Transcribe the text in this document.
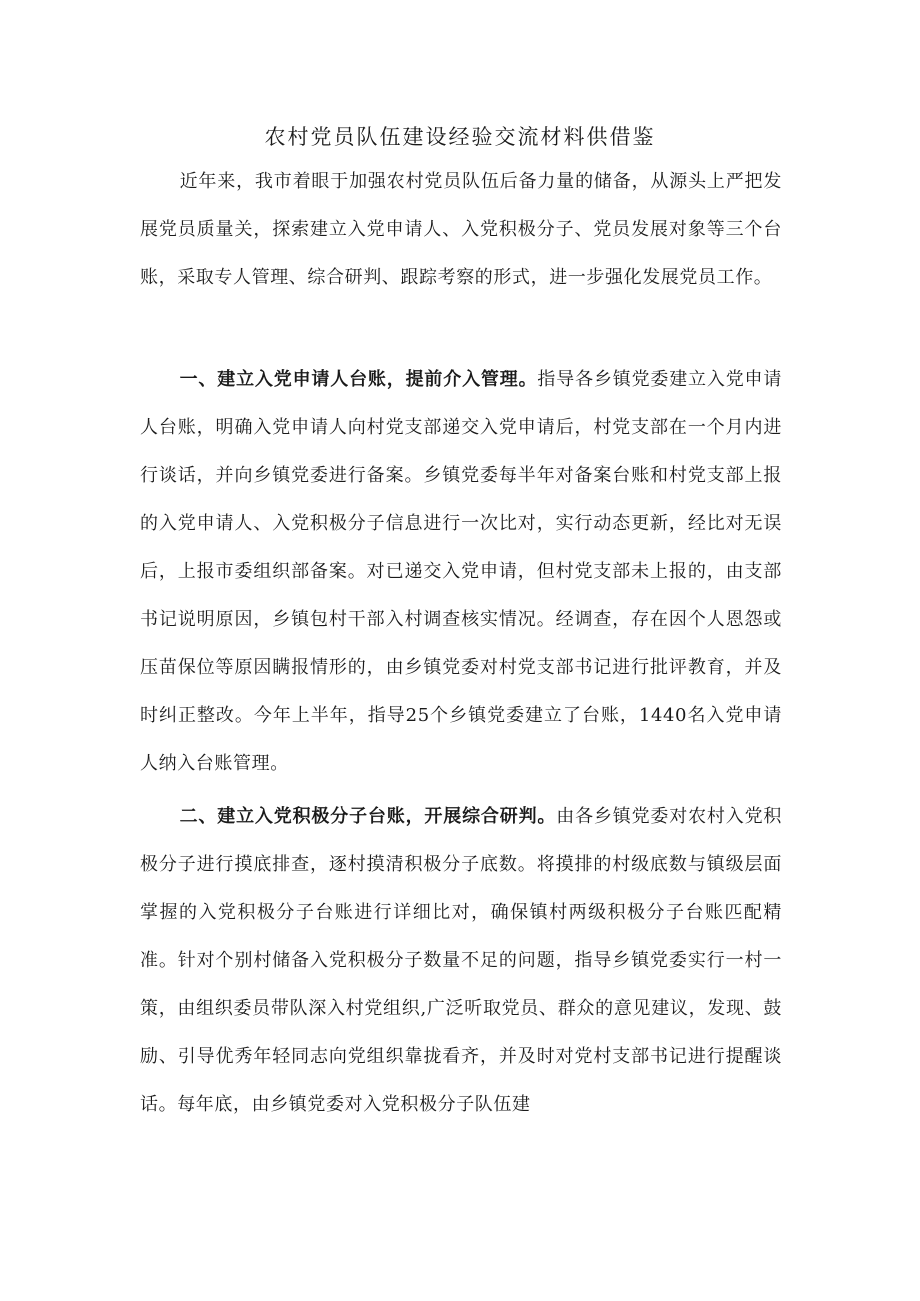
农村党员队伍建设经验交流材料供借鉴

近年来，我市着眼于加强农村党员队伍后备力量的储备，从源头上严把发展党员质量关，探索建立入党申请人、入党积极分子、党员发展对象等三个台账，采取专人管理、综合研判、跟踪考察的形式，进一步强化发展党员工作。

一、建立入党申请人台账，提前介入管理。指导各乡镇党委建立入党申请人台账，明确入党申请人向村党支部递交入党申请后，村党支部在一个月内进行谈话，并向乡镇党委进行备案。乡镇党委每半年对备案台账和村党支部上报的入党申请人、入党积极分子信息进行一次比对，实行动态更新，经比对无误后，上报市委组织部备案。对已递交入党申请，但村党支部未上报的，由支部书记说明原因，乡镇包村干部入村调查核实情况。经调查，存在因个人恩怨或压苗保位等原因瞒报情形的，由乡镇党委对村党支部书记进行批评教育，并及时纠正整改。今年上半年，指导25个乡镇党委建立了台账，1440名入党申请人纳入台账管理。

二、建立入党积极分子台账，开展综合研判。由各乡镇党委对农村入党积极分子进行摸底排查，逐村摸清积极分子底数。将摸排的村级底数与镇级层面掌握的入党积极分子台账进行详细比对，确保镇村两级积极分子台账匹配精准。针对个别村储备入党积极分子数量不足的问题，指导乡镇党委实行一村一策，由组织委员带队深入村党组织,广泛听取党员、群众的意见建议，发现、鼓励、引导优秀年轻同志向党组织靠拢看齐，并及时对党村支部书记进行提醒谈话。每年底，由乡镇党委对入党积极分子队伍建
